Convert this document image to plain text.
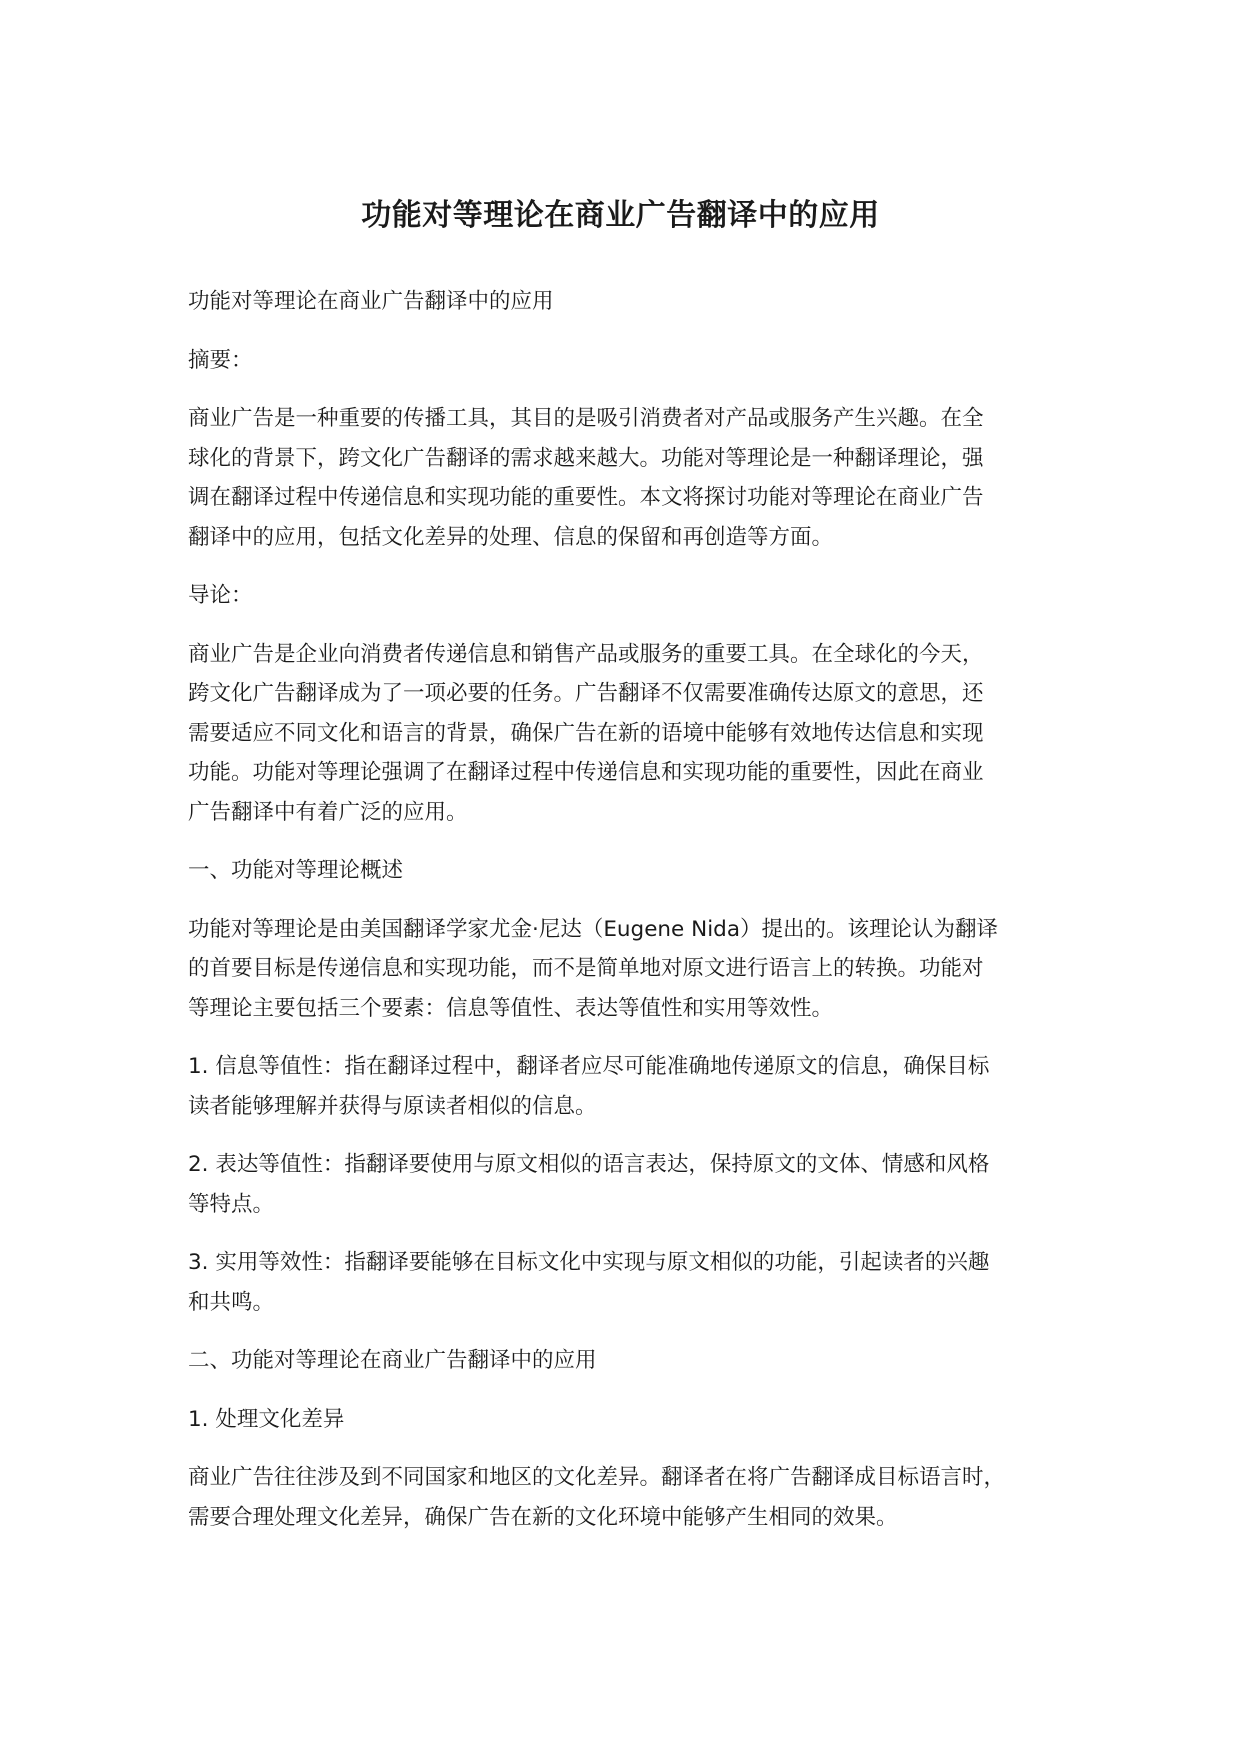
功能对等理论在商业广告翻译中的应用

功能对等理论在商业广告翻译中的应用

摘要：

商业广告是一种重要的传播工具，其目的是吸引消费者对产品或服务产生兴趣。在全
球化的背景下，跨文化广告翻译的需求越来越大。功能对等理论是一种翻译理论，强
调在翻译过程中传递信息和实现功能的重要性。本文将探讨功能对等理论在商业广告
翻译中的应用，包括文化差异的处理、信息的保留和再创造等方面。

导论：

商业广告是企业向消费者传递信息和销售产品或服务的重要工具。在全球化的今天，
跨文化广告翻译成为了一项必要的任务。广告翻译不仅需要准确传达原文的意思，还
需要适应不同文化和语言的背景，确保广告在新的语境中能够有效地传达信息和实现
功能。功能对等理论强调了在翻译过程中传递信息和实现功能的重要性，因此在商业
广告翻译中有着广泛的应用。

一、功能对等理论概述

功能对等理论是由美国翻译学家尤金·尼达（Eugene Nida）提出的。该理论认为翻译
的首要目标是传递信息和实现功能，而不是简单地对原文进行语言上的转换。功能对
等理论主要包括三个要素：信息等值性、表达等值性和实用等效性。

1. 信息等值性：指在翻译过程中，翻译者应尽可能准确地传递原文的信息，确保目标
读者能够理解并获得与原读者相似的信息。

2. 表达等值性：指翻译要使用与原文相似的语言表达，保持原文的文体、情感和风格
等特点。

3. 实用等效性：指翻译要能够在目标文化中实现与原文相似的功能，引起读者的兴趣
和共鸣。

二、功能对等理论在商业广告翻译中的应用

1. 处理文化差异

商业广告往往涉及到不同国家和地区的文化差异。翻译者在将广告翻译成目标语言时，
需要合理处理文化差异，确保广告在新的文化环境中能够产生相同的效果。
